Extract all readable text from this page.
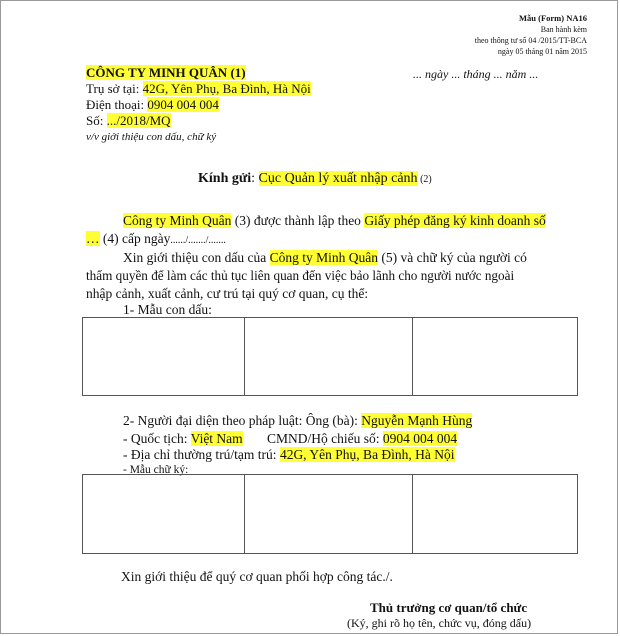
Mẫu (Form) NA16
Ban hành kèm
theo thông tư số 04 /2015/TT-BCA
ngày 05 tháng 01 năm 2015
CÔNG TY MINH QUÂN (1)
Trụ sở tại: 42G, Yên Phụ, Ba Đình, Hà Nội
Điện thoại: 0904 004 004
Số: .../2018/MQ
v/v giới thiệu con dấu, chữ ký
... ngày ... tháng ... năm ...
Kính gửi: Cục Quản lý xuất nhập cảnh (2)
Công ty Minh Quân (3) được thành lập theo Giấy phép đăng ký kinh doanh số
… (4) cấp ngày....../......./.......
Xin giới thiệu con dấu của Công ty Minh Quân (5) và chữ ký của người có
thẩm quyền để làm các thủ tục liên quan đến việc bảo lãnh cho người nước ngoài
nhập cảnh, xuất cảnh, cư trú tại quý cơ quan, cụ thể:
1- Mẫu con dấu:

2- Người đại diện theo pháp luật: Ông (bà): Nguyễn Mạnh Hùng
- Quốc tịch: Việt Nam CMND/Hộ chiếu số: 0904 004 004
- Địa chỉ thường trú/tạm trú: 42G, Yên Phụ, Ba Đình, Hà Nội
- Mẫu chữ ký:

Xin giới thiệu để quý cơ quan phối hợp công tác./.
Thủ trưởng cơ quan/tổ chức
(Ký, ghi rõ họ tên, chức vụ, đóng dấu)
